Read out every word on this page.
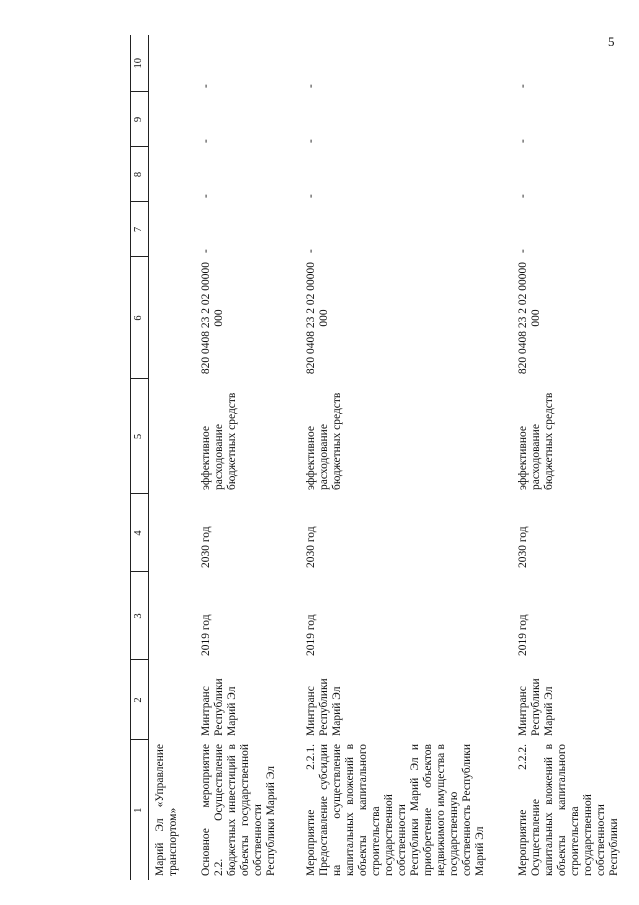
5
1	2	3	4	5	6	7	8	9	10
Марий Эл «Управление транспортом»									
Основное мероприятие 2.2. Осуществление бюджетных инвестиций в объекты государственной собственности Республики Марий Эл	Минтранс Республики Марий Эл	2019 год	2030 год	эффективное расходование бюджетных средств	820 0408 23 2 02 00000 000	-	-	-	-
Мероприятие 2.2.1. Предоставление субсидии на осуществление капитальных вложений в объекты капитального строительства государственной собственности Республики Марий Эл и приобретение объектов недвижимого имущества в государственную собственность Республики Марий Эл	Минтранс Республики Марий Эл	2019 год	2030 год	эффективное расходование бюджетных средств	820 0408 23 2 02 00000 000	-	-	-	-
Мероприятие 2.2.2. Осуществление капитальных вложений в объекты капитального строительства государственной собственности Республики	Минтранс Республики Марий Эл	2019 год	2030 год	эффективное расходование бюджетных средств	820 0408 23 2 02 00000 000	-	-	-	-
